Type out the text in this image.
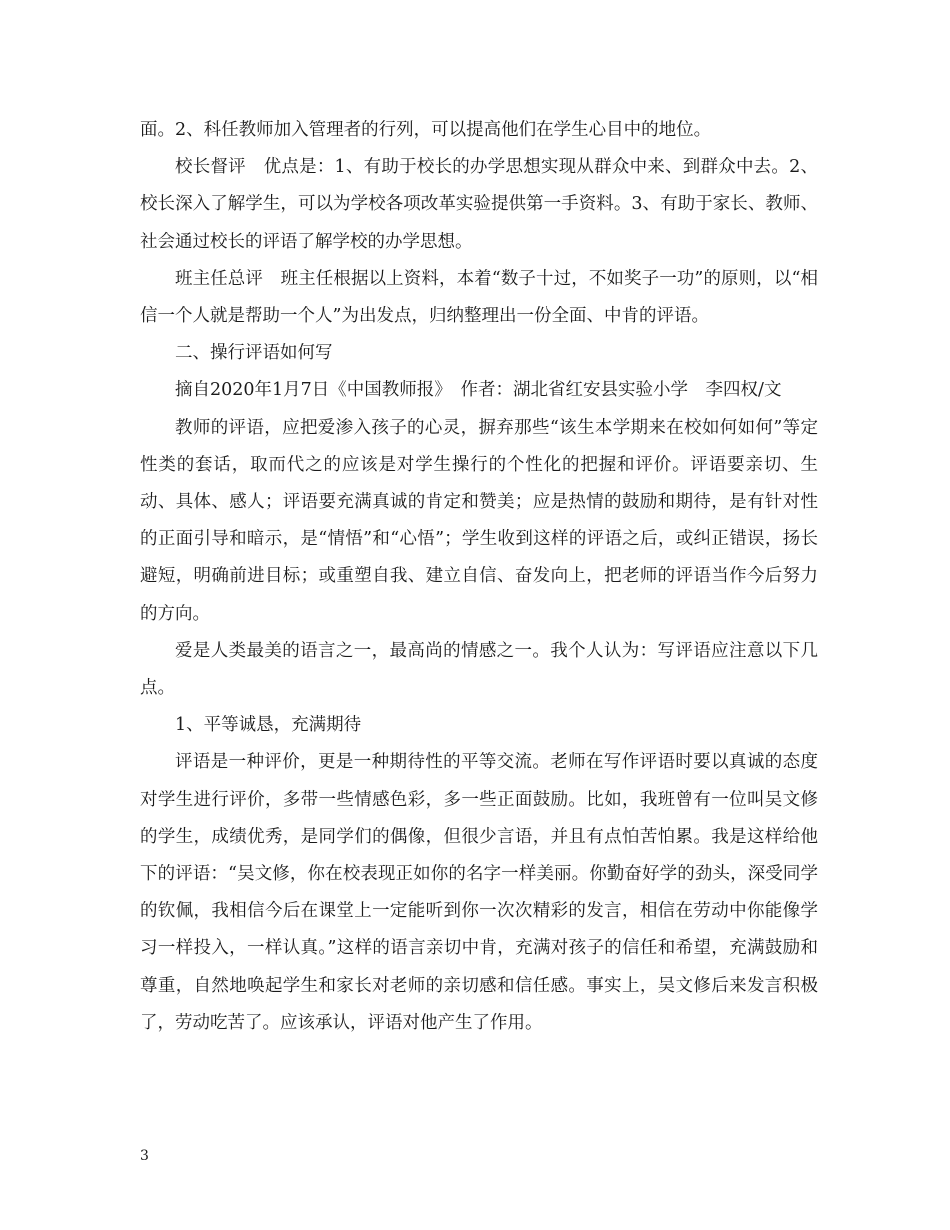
面。2、科任教师加入管理者的行列，可以提高他们在学生心目中的地位。

校长督评　优点是：1、有助于校长的办学思想实现从群众中来、到群众中去。2、校长深入了解学生，可以为学校各项改革实验提供第一手资料。3、有助于家长、教师、社会通过校长的评语了解学校的办学思想。

班主任总评　班主任根据以上资料，本着“数子十过，不如奖子一功”的原则，以“相信一个人就是帮助一个人”为出发点，归纳整理出一份全面、中肯的评语。

二、操行评语如何写

摘自2020年1月7日《中国教师报》　作者：湖北省红安县实验小学　李四权/文

教师的评语，应把爱渗入孩子的心灵，摒弃那些“该生本学期来在校如何如何”等定性类的套话，取而代之的应该是对学生操行的个性化的把握和评价。评语要亲切、生动、具体、感人；评语要充满真诚的肯定和赞美；应是热情的鼓励和期待，是有针对性的正面引导和暗示，是“情悟”和“心悟”；学生收到这样的评语之后，或纠正错误，扬长避短，明确前进目标；或重塑自我、建立自信、奋发向上，把老师的评语当作今后努力的方向。

爱是人类最美的语言之一，最高尚的情感之一。我个人认为：写评语应注意以下几点。

1、平等诚恳，充满期待

评语是一种评价，更是一种期待性的平等交流。老师在写作评语时要以真诚的态度对学生进行评价，多带一些情感色彩，多一些正面鼓励。比如，我班曾有一位叫吴文修的学生，成绩优秀，是同学们的偶像，但很少言语，并且有点怕苦怕累。我是这样给他下的评语：“吴文修，你在校表现正如你的名字一样美丽。你勤奋好学的劲头，深受同学的钦佩，我相信今后在课堂上一定能听到你一次次精彩的发言，相信在劳动中你能像学习一样投入，一样认真。”这样的语言亲切中肯，充满对孩子的信任和希望，充满鼓励和尊重，自然地唤起学生和家长对老师的亲切感和信任感。事实上，吴文修后来发言积极了，劳动吃苦了。应该承认，评语对他产生了作用。

3
